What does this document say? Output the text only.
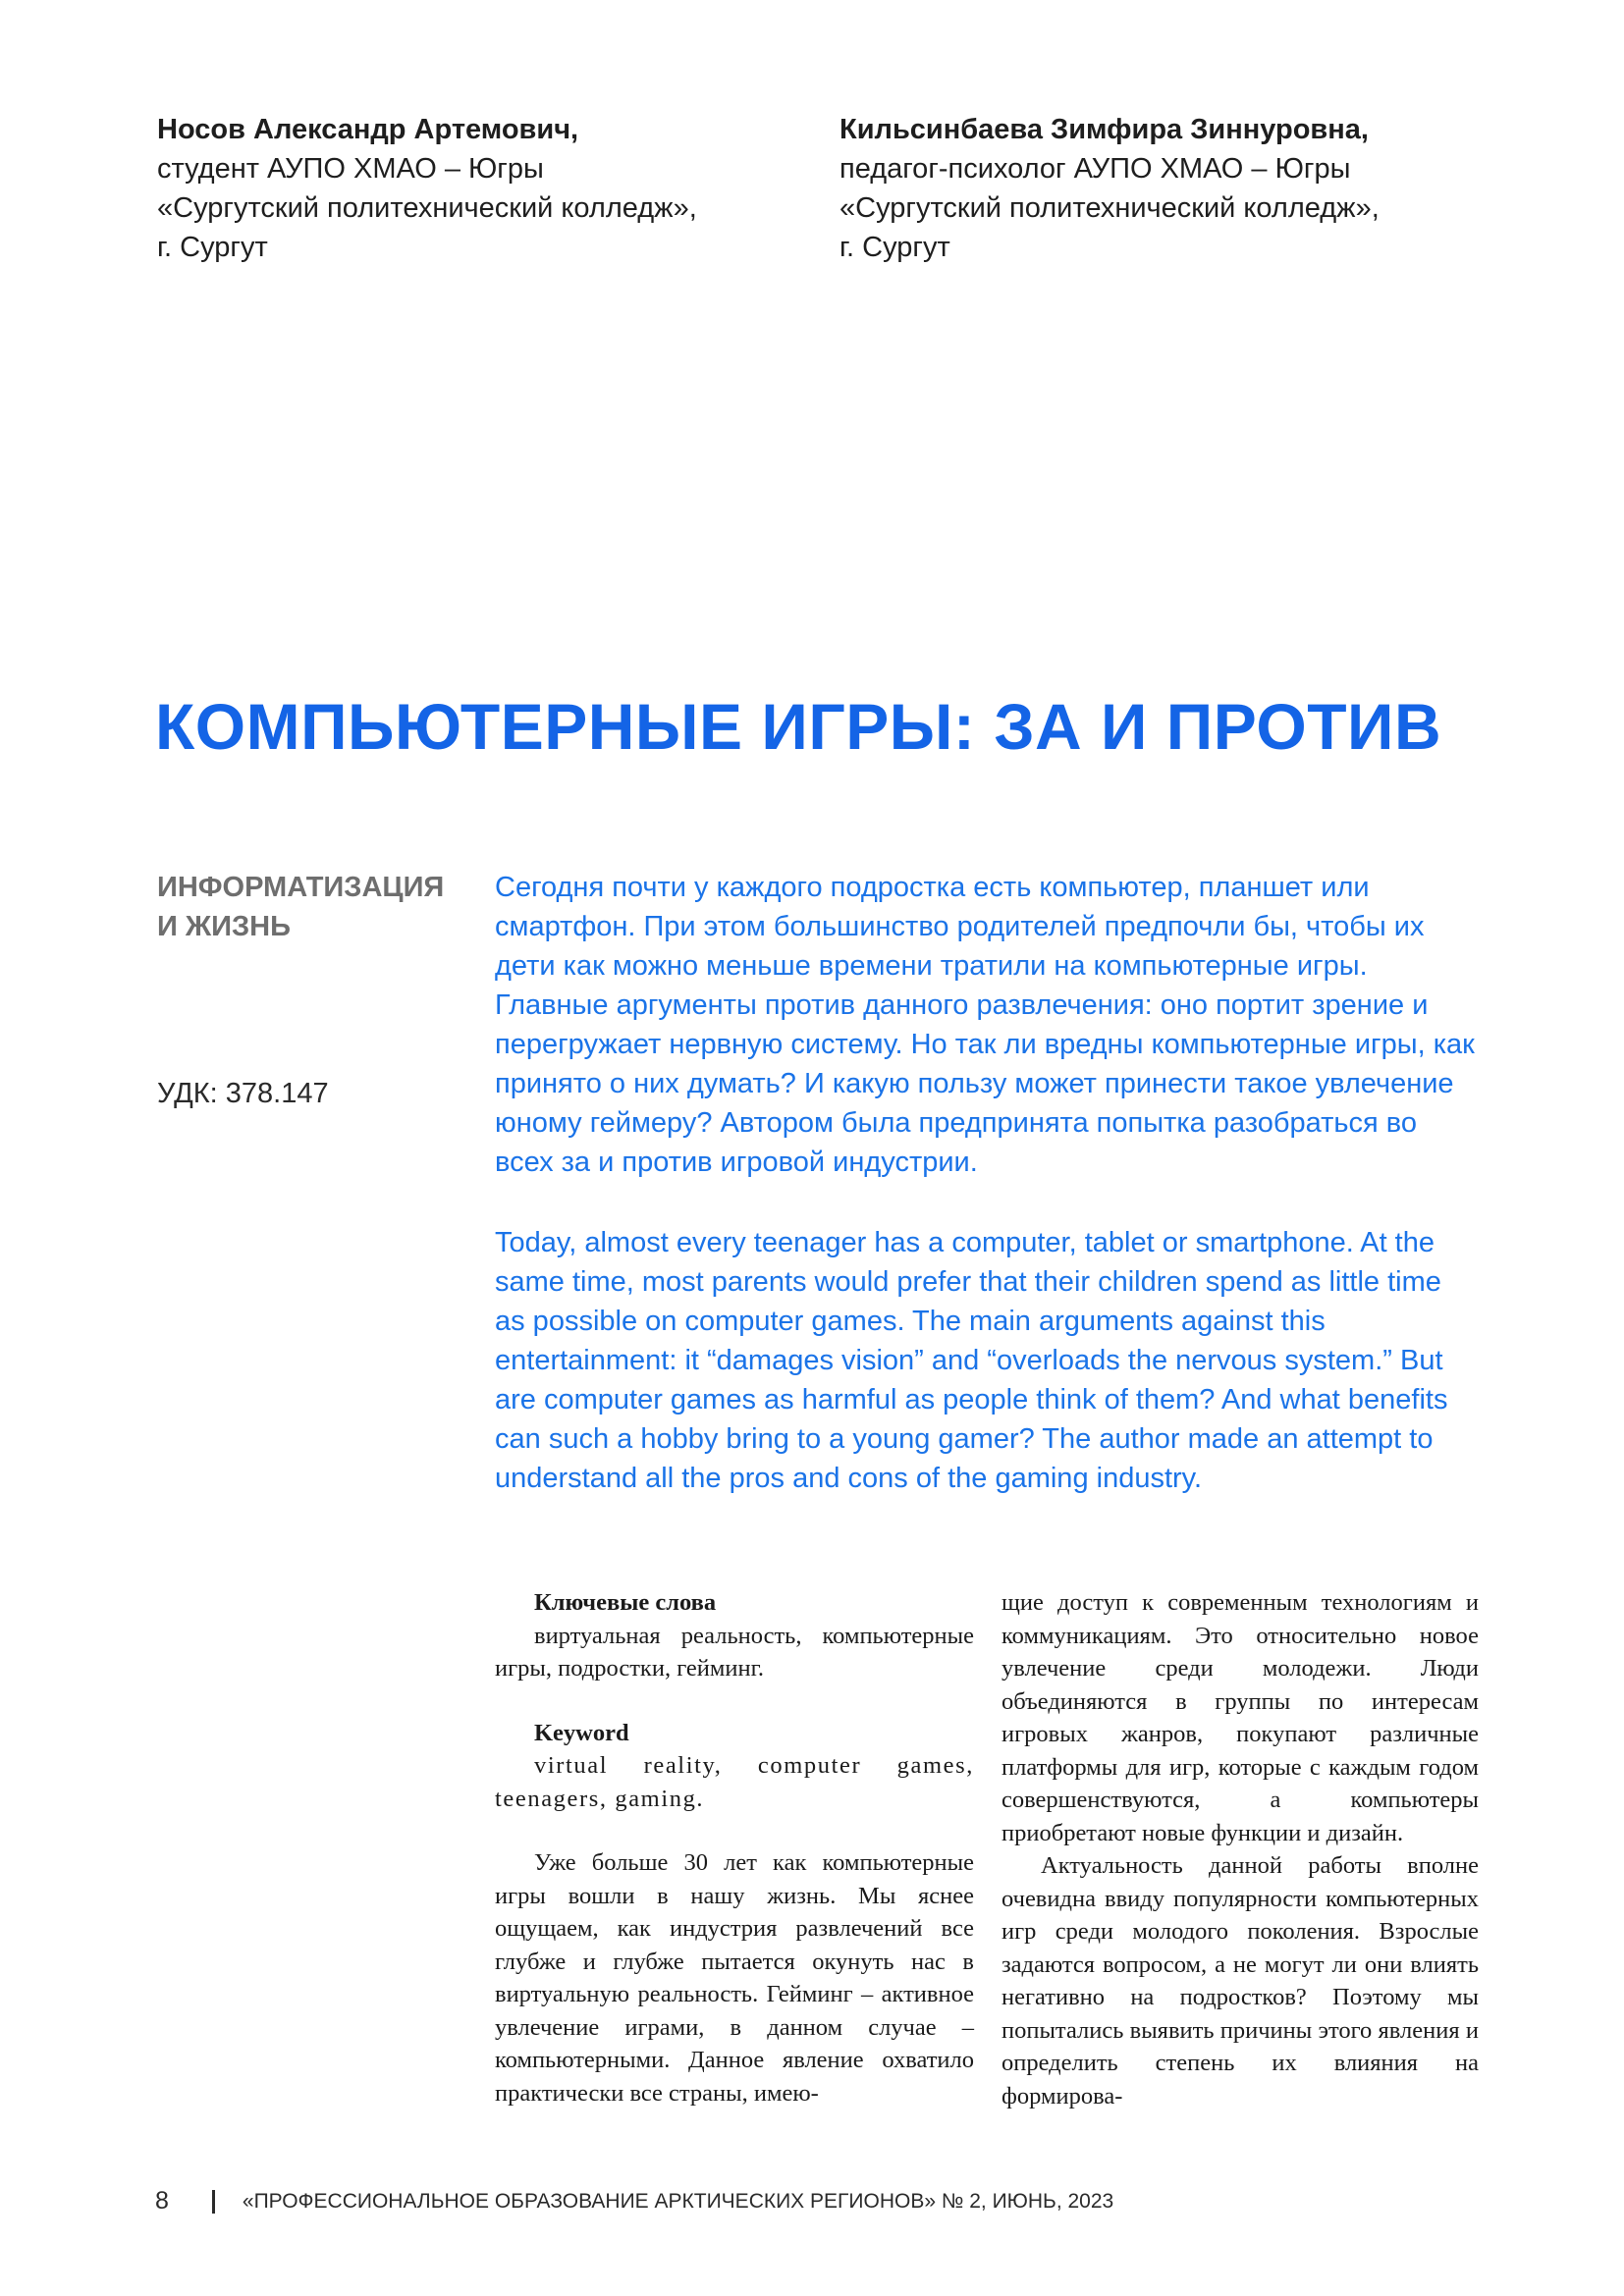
Носов Александр Артемович,
студент АУПО ХМАО – Югры
«Сургутский политехнический колледж»,
г. Сургут
Кильсинбаева Зимфира Зиннуровна,
педагог-психолог АУПО ХМАО – Югры
«Сургутский политехнический колледж»,
г. Сургут
КОМПЬЮТЕРНЫЕ ИГРЫ: ЗА И ПРОТИВ
ИНФОРМАТИЗАЦИЯ
И ЖИЗНЬ
УДК: 378.147
Сегодня почти у каждого подростка есть компьютер, планшет или смартфон. При этом большинство родителей предпочли бы, чтобы их дети как можно меньше времени тратили на компьютерные игры. Главные аргументы против данного развлечения: оно портит зрение и перегружает нервную систему. Но так ли вредны компьютерные игры, как принято о них думать? И какую пользу может принести такое увлечение юному геймеру? Автором была предпринята попытка разобраться во всех за и против игровой индустрии.
Today, almost every teenager has a computer, tablet or smartphone. At the same time, most parents would prefer that their children spend as little time as possible on computer games. The main arguments against this entertainment: it “damages vision” and “overloads the nervous system.” But are computer games as harmful as people think of them? And what benefits can such a hobby bring to a young gamer? The author made an attempt to understand all the pros and cons of the gaming industry.

Ключевые слова

виртуальная реальность, компьютерные игры, подростки, гейминг.

Keyword

virtual reality, computer games, teenagers, gaming.

Уже больше 30 лет как компьютерные игры вошли в нашу жизнь. Мы яснее ощущаем, как индустрия развлечений все глубже и глубже пытается окунуть нас в виртуальную реальность. Гейминг – активное увлечение играми, в данном случае – компьютерными. Данное явление охватило практически все страны, имею-

щие доступ к современным технологиям и коммуникациям. Это относительно новое увлечение среди молодежи. Люди объединяются в группы по интересам игровых жанров, покупают различные платформы для игр, которые с каждым годом совершенствуются, а компьютеры приобретают новые функции и дизайн.

Актуальность данной работы вполне очевидна ввиду популярности компьютерных игр среди молодого поколения. Взрослые задаются вопросом, а не могут ли они влиять негативно на подростков? Поэтому мы попытались выявить причины этого явления и определить степень их влияния на формирова-

8	«ПРОФЕССИОНАЛЬНОЕ ОБРАЗОВАНИЕ АРКТИЧЕСКИХ РЕГИОНОВ» № 2, ИЮНЬ, 2023
